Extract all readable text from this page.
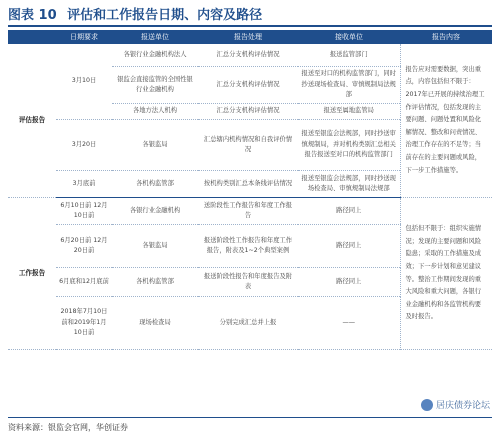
图表 10 评估和工作报告日期、内容及路径
	日期要求	报送单位	报告处理	接收单位	报告内容
评估报告	3月10日	各银行业金融机构法人	汇总分支机构评估情况	报送监管部门	报告应对需要数据，突出重点，内容包括但不限于：2017年已开展的持续治理工作评估情况，包括发现的主要问题、问题处置和风险化解情况、整改和问责情况、治理工作存在的不足等；当前存在的主要问题或风险，下一步工作措施等。
		银监会直接监管的全国性银行业金融机构	汇总分支机构评估情况	报送至对口的机构监管部门，同时抄送现场检查局、审慎规制局法规部	
		各地方法人机构	汇总分支机构评估情况	报送至属地监管局	
	3月20日	各银监局	汇总辖内机构情况和自我评价情况	报送至银监会法规部，同时抄送审慎规制局，并对机构类别汇总相关报告报送至对口的机构监管部门	
	3月底前	各机构监管部	按机构类别汇总本条线评估情况	报送至银监会法规部，同时抄送现场检查局、审慎规制局法规部	
工作报告	6月10日前 12月10日前	各银行业金融机构	送阶段性工作报告和年度工作报告	路径同上	包括但不限于：组织实施情况；发现的主要问题和风险隐患；采取的工作措施及成效；下一步计划和意见建议等。整治工作期间发现的重大风险和重大问题，各银行业金融机构和各监管机构要及时报告。
	6月20日前 12月20日前	各银监局	报送阶段性工作报告和年度工作报告，附表及1~2个典型案例	路径同上	
	6月底和12月底前	各机构监管部	报送阶段性报告和年度报告及附表	路径同上	
	2018年7月10日前和2019年1月10日前	现场检查局	分别完成汇总并上报	——	
居庆债券论坛
资料来源：银监会官网，华创证券
